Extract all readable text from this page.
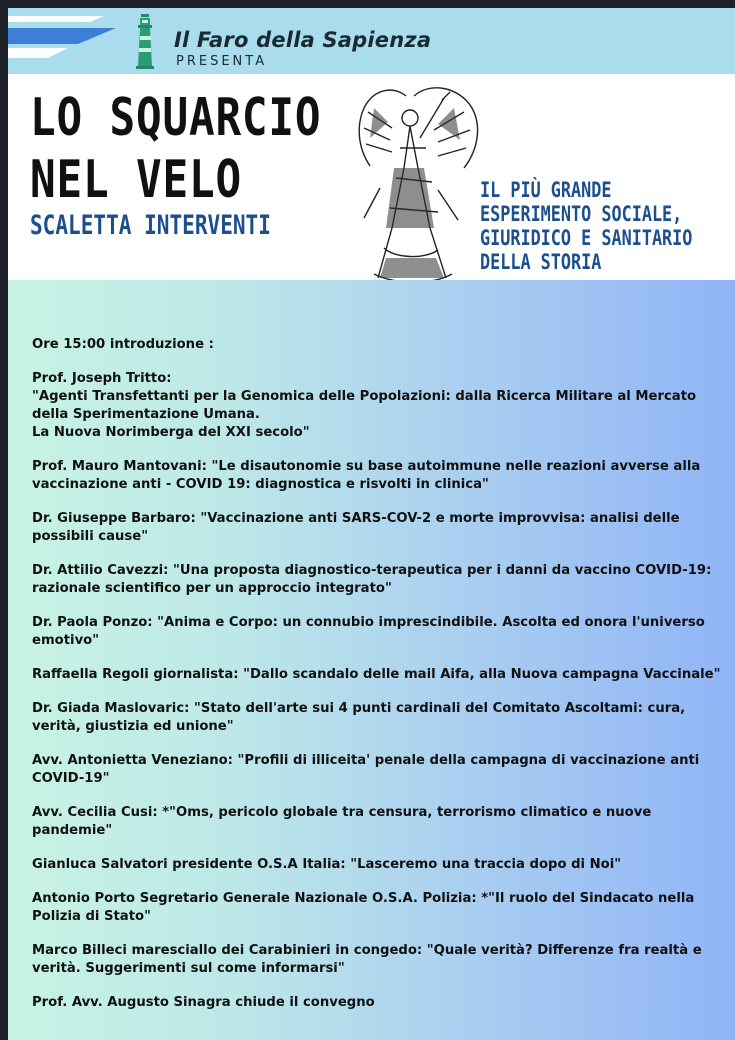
Il Faro della Sapienza
PRESENTA
LO SQUARCIO
NEL VELO
SCALETTA INTERVENTI
IL PIÙ GRANDE
ESPERIMENTO SOCIALE,
GIURIDICO E SANITARIO
DELLA STORIA
Ore 15:00 introduzione :
Prof. Joseph Tritto:
"Agenti Transfettanti per la Genomica delle Popolazioni: dalla Ricerca Militare al Mercato della Sperimentazione Umana.
La Nuova Norimberga del XXI secolo"
Prof. Mauro Mantovani: "Le disautonomie su base autoimmune nelle reazioni avverse alla vaccinazione anti - COVID 19: diagnostica e risvolti in clinica"
Dr. Giuseppe Barbaro: "Vaccinazione anti SARS-COV-2 e morte improvvisa: analisi delle possibili cause"
Dr. Attilio Cavezzi: "Una proposta diagnostico-terapeutica per i danni da vaccino COVID-19: razionale scientifico per un approccio integrato"
Dr. Paola Ponzo: "Anima e Corpo: un connubio imprescindibile. Ascolta ed onora l'universo emotivo"
Raffaella Regoli giornalista: "Dallo scandalo delle mail Aifa, alla Nuova campagna Vaccinale"
Dr. Giada Maslovaric: "Stato dell'arte sui 4 punti cardinali del Comitato Ascoltami: cura, verità, giustizia ed unione"
Avv. Antonietta Veneziano: "Profili di illiceita' penale della campagna di vaccinazione anti COVID-19"
Avv. Cecilia Cusi: *"Oms, pericolo globale tra censura, terrorismo climatico e nuove pandemie"
Gianluca Salvatori presidente O.S.A Italia: "Lasceremo una traccia dopo di Noi"
Antonio Porto Segretario Generale Nazionale O.S.A. Polizia: *"Il ruolo del Sindacato nella Polizia di Stato"
Marco Billeci maresciallo dei Carabinieri in congedo: "Quale verità? Differenze fra realtà e verità. Suggerimenti sul come informarsi"
Prof. Avv. Augusto Sinagra chiude il convegno
